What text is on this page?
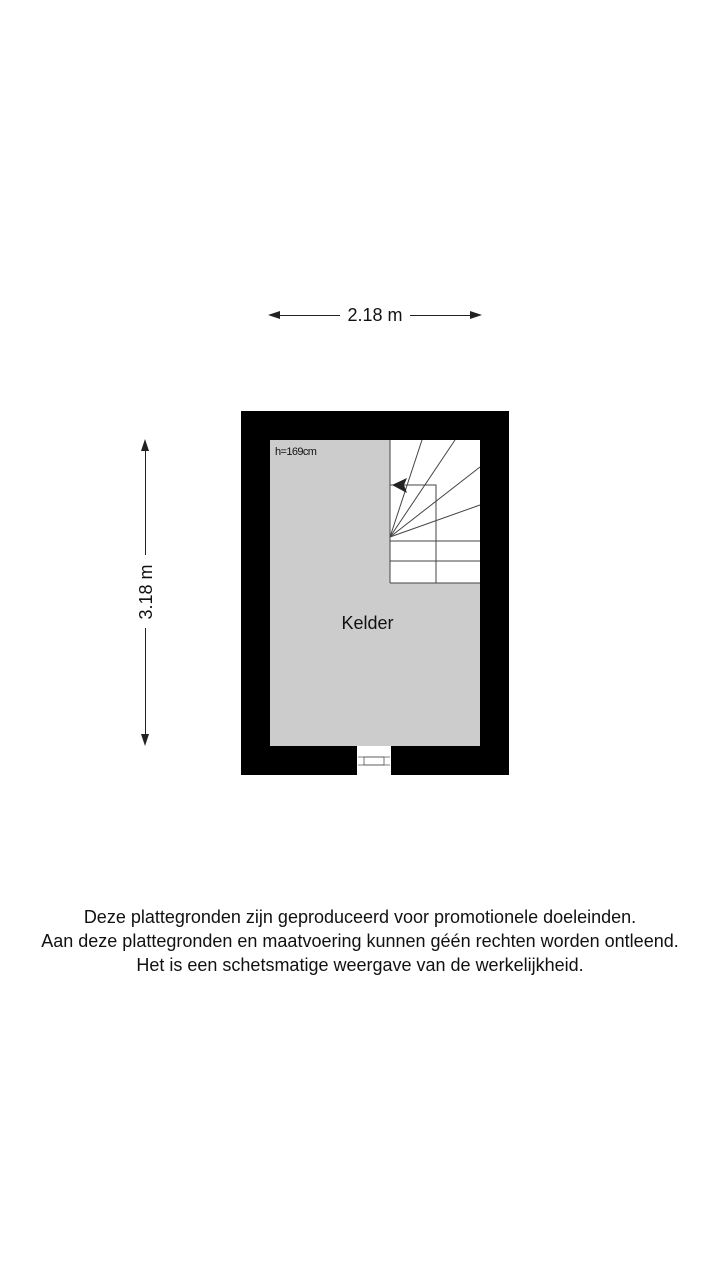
2.18 m
3.18 m
h=169cm
Kelder
Deze plattegronden zijn geproduceerd voor promotionele doeleinden.
Aan deze plattegronden en maatvoering kunnen géén rechten worden ontleend.
Het is een schetsmatige weergave van de werkelijkheid.
